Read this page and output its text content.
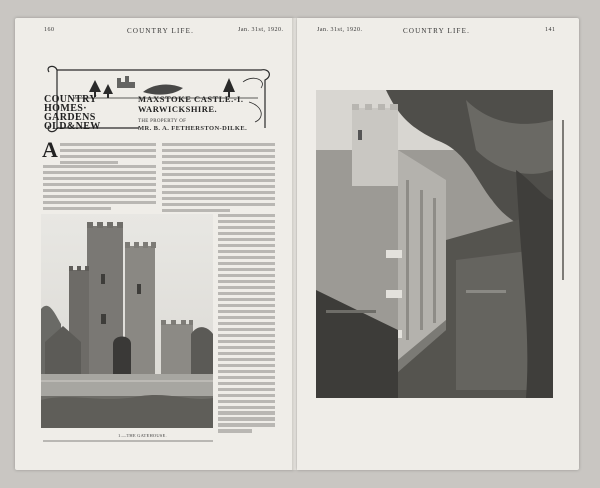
160	COUNTRY LIFE.	Jan. 31st, 1920.	Jan. 31st, 1920.	COUNTRY LIFE.	141
COUNTRY
HOMES·
GARDENS
OLD&NEW
MAXSTOKE CASTLE.-I.
WARWICKSHIRE.
THE PROPERTY OF
MR. B. A. FETHERSTON-DILKE.
A
1.—THE GATEHOUSE.
